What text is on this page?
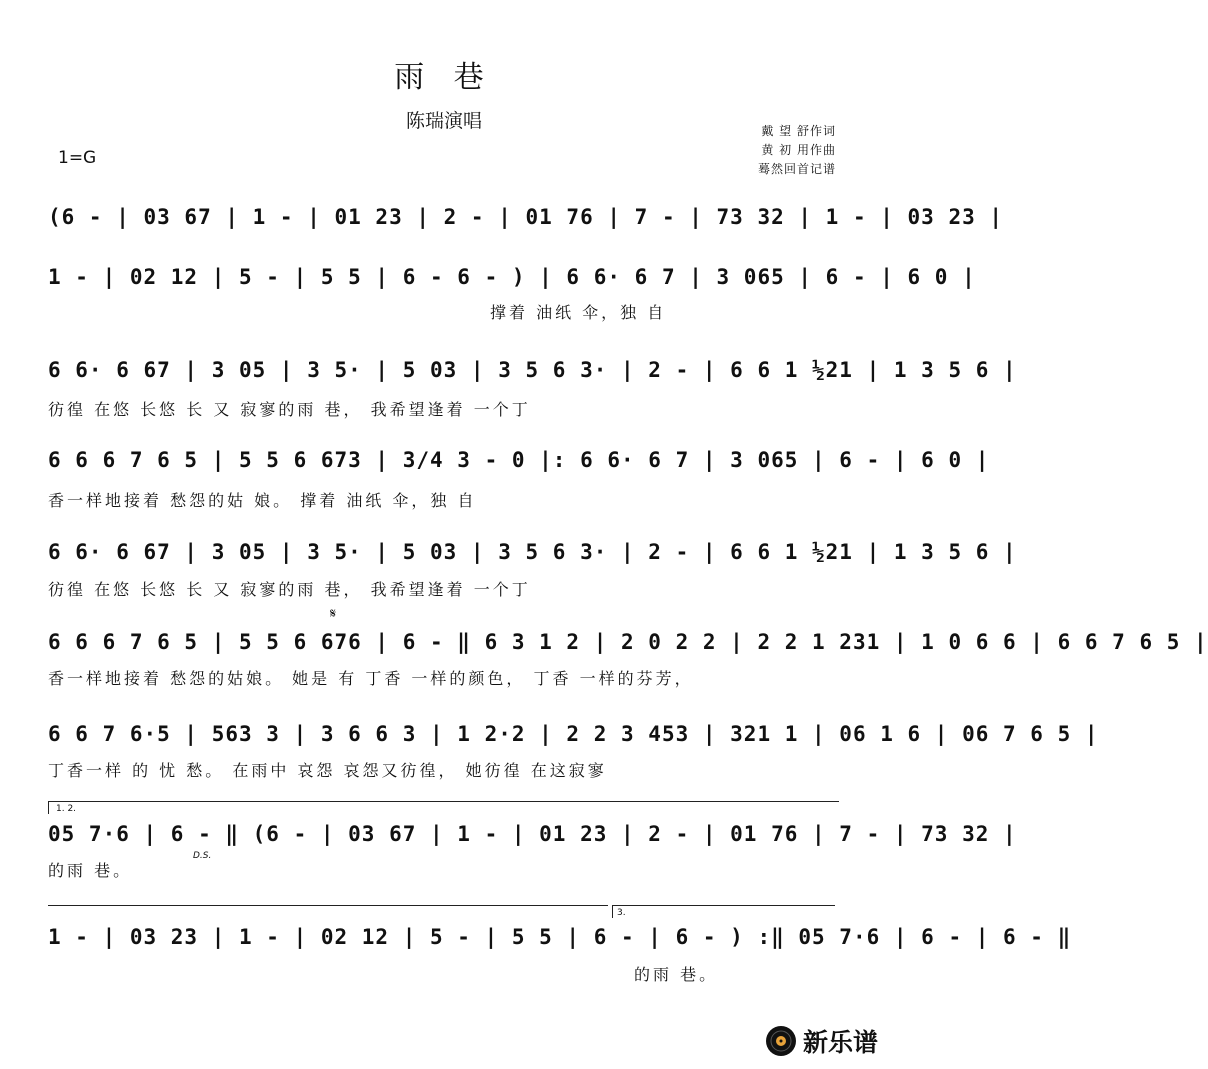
雨 巷
陈瑞演唱	戴 望 舒作词
黄 初 用作曲
蓦然回首记谱
1=G
(6 - | 03 67 | 1 - | 01 23 | 2 - | 01 76 | 7 - | 73 32 | 1 - | 03 23 |
1 - | 02 12 | 5 - | 5 5 | 6 - 6 - ) | 6 6· 6 7 | 3 065 | 6 - | 6 0 |
撑着 油纸 伞，独 自
6 6· 6 67 | 3 05 | 3 5· | 5 03 | 3 5 6 3· | 2 - | 6 6 1 ½21 | 1 3 5 6 |
彷徨 在悠 长悠 长 又 寂寥的雨 巷， 我希望逢着 一个丁
6 6 6 7 6 5 | 5 5 6 673 | 3/4 3 - 0 |: 6 6· 6 7 | 3 065 | 6 - | 6 0 |
香一样地接着 愁怨的姑 娘。 撑着 油纸 伞，独 自
6 6· 6 67 | 3 05 | 3 5· | 5 03 | 3 5 6 3· | 2 - | 6 6 1 ½21 | 1 3 5 6 |
彷徨 在悠 长悠 长 又 寂寥的雨 巷， 我希望逢着 一个丁
𝄋
6 6 6 7 6 5 | 5 5 6 676 | 6 - ‖ 6 3 1 2 | 2 0 2 2 | 2 2 1 231 | 1 0 6 6 | 6 6 7 6 5 |
香一样地接着 愁怨的姑娘。 她是 有 丁香 一样的颜色， 丁香 一样的芬芳，
6 6 7 6·5 | 563 3 | 3 6 6 3 | 1 2·2 | 2 2 3 453 | 321 1 | 06 1 6 | 06 7 6 5 |
丁香一样 的 忧 愁。 在雨中 哀怨 哀怨又彷徨， 她彷徨 在这寂寥
1. 2.
05 7·6 | 6 - ‖ (6 - | 03 67 | 1 - | 01 23 | 2 - | 01 76 | 7 - | 73 32 |
D.S.
的雨 巷。
3.
1 - | 03 23 | 1 - | 02 12 | 5 - | 5 5 | 6 - | 6 - ) :‖ 05 7·6 | 6 - | 6 - ‖
的雨 巷。
新乐谱
